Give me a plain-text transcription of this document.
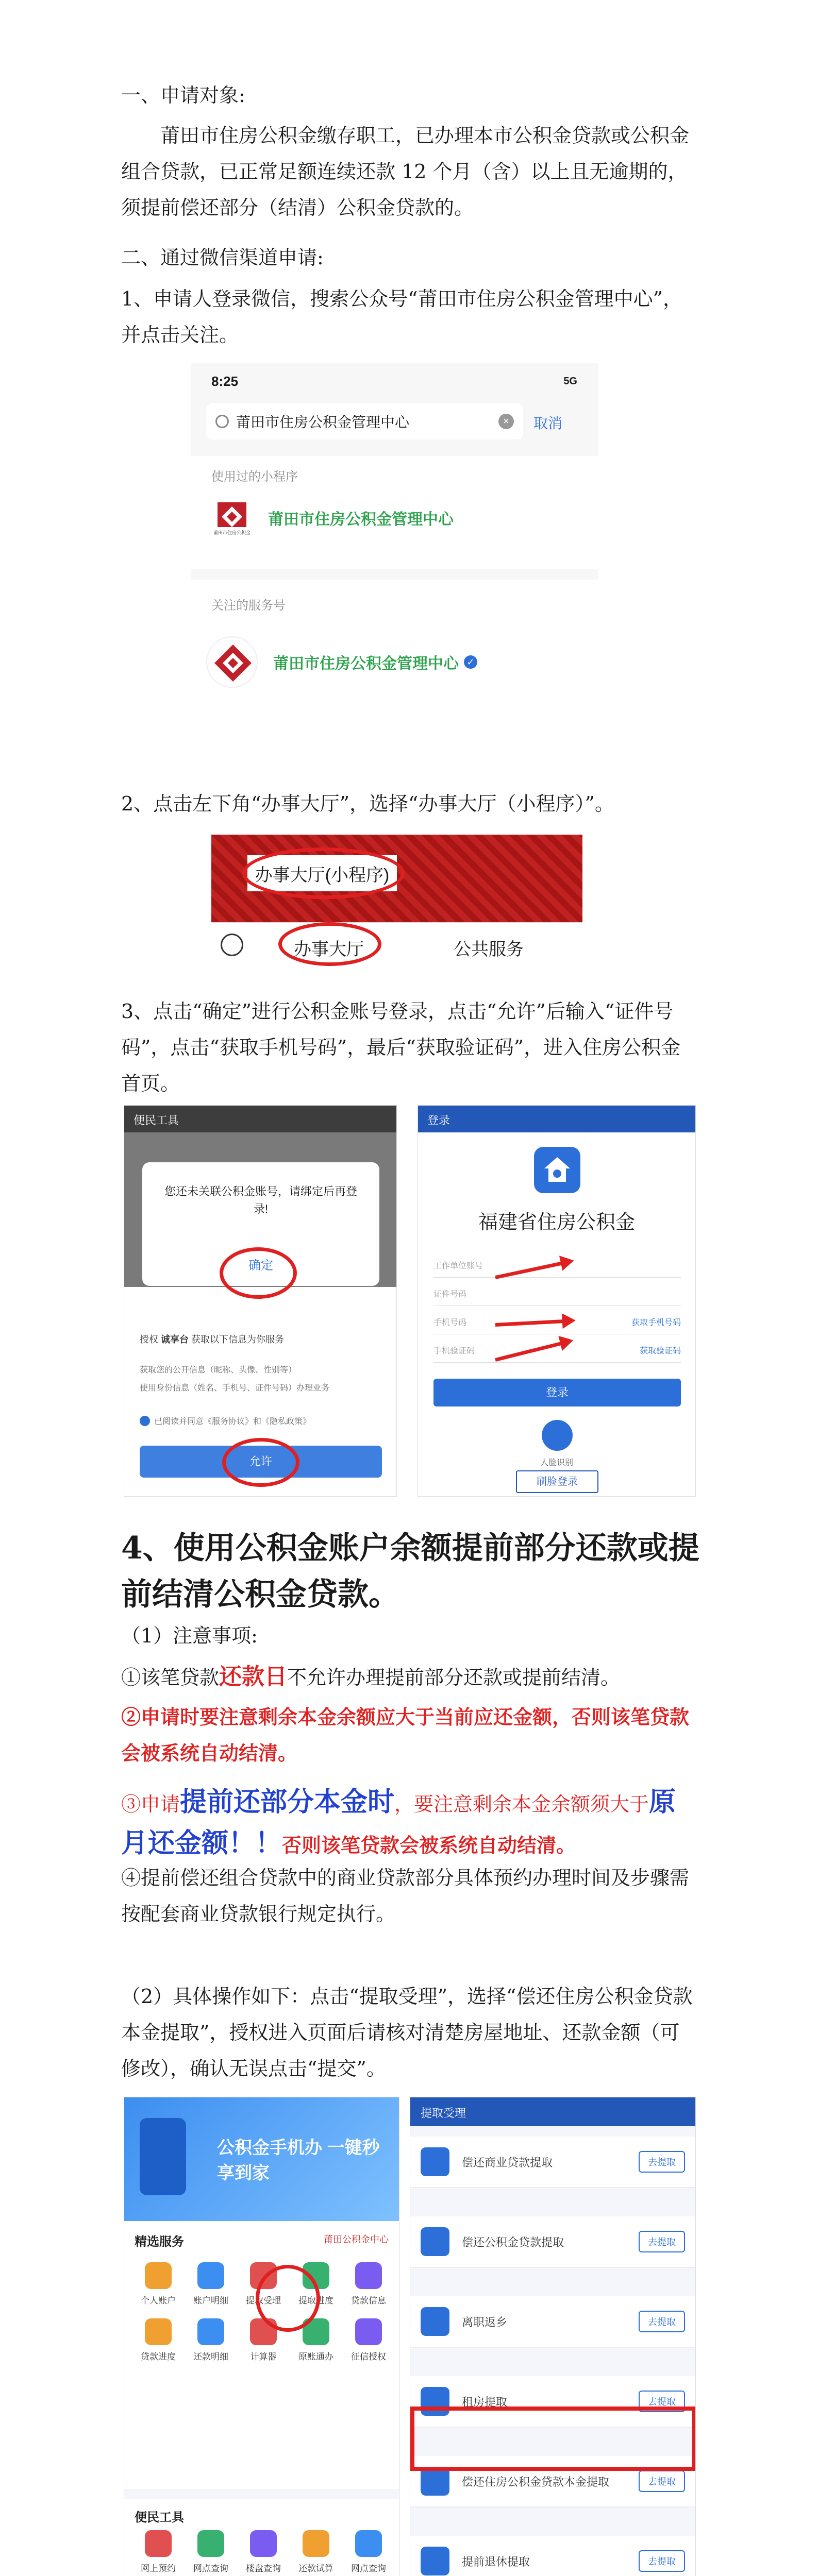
一、申请对象:
莆田市住房公积金缴存职工，已办理本市公积金贷款或公积金组合贷款，已正常足额连续还款 12 个月（含）以上且无逾期的，须提前偿还部分（结清）公积金贷款的。
二、通过微信渠道申请:
1、申请人登录微信，搜索公众号“莆田市住房公积金管理中心”，并点击关注。
8:25	5G
莆田市住房公积金管理中心	×	取消
使用过的小程序
莆田市住房公积金
莆田市住房公积金管理中心
关注的服务号
莆田市住房公积金管理中心 ✓
2、点击左下角“办事大厅”，选择“办事大厅（小程序）”。
办事大厅(小程序)
办事大厅	公共服务
3、点击“确定”进行公积金账号登录，点击“允许”后输入“证件号码”，点击“获取手机号码”，最后“获取验证码”，进入住房公积金首页。
便民工具
您还未关联公积金账号，请绑定后再登录!
确定
授权 诚享台 获取以下信息为你服务
获取您的公开信息（昵称、头像、性别等）
使用身份信息（姓名、手机号、证件号码）办理业务
已阅读并同意《服务协议》和《隐私政策》
允许
登录
福建省住房公积金
工作单位账号
证件号码
手机号码	获取手机号码
手机验证码	获取验证码
登录
人脸识别
刷脸登录
4、使用公积金账户余额提前部分还款或提前结清公积金贷款。
（1）注意事项:
①该笔贷款还款日不允许办理提前部分还款或提前结清。
②申请时要注意剩余本金余额应大于当前应还金额，否则该笔贷款会被系统自动结清。
③申请提前还部分本金时，要注意剩余本金余额须大于原月还金额！！否则该笔贷款会被系统自动结清。
④提前偿还组合贷款中的商业贷款部分具体预约办理时间及步骤需按配套商业贷款银行规定执行。
（2）具体操作如下：点击“提取受理”，选择“偿还住房公积金贷款本金提取”，授权进入页面后请核对清楚房屋地址、还款金额（可修改），确认无误点击“提交”。
公积金手机办 一键秒享到家
精选服务	莆田公积金中心
个人账户 账户明细 提取受理 提取进度 贷款信息
贷款进度 还款明细	计算器	原账通办 征信授权
便民工具
网上预约 网点查询 楼盘查询 还款试算 网点查询
提取受理
偿还商业贷款提取	去提取
偿还公积金贷款提取	去提取
离职返乡	去提取
租房提取	去提取
偿还住房公积金贷款本金提取	去提取
提前退休提取	去提取
